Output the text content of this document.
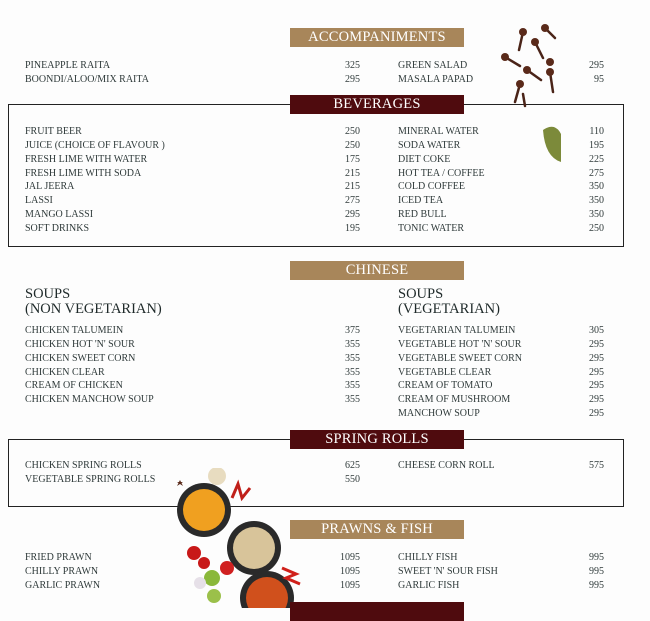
ACCOMPANIMENTS
BEVERAGES
CHINESE
SPRING ROLLS
PRAWNS & FISH
SOUPS
(NON VEGETARIAN)
SOUPS
(VEGETARIAN)
PINEAPPLE RAITA	325
BOONDI/ALOO/MIX RAITA	295
GREEN SALAD	295
MASALA PAPAD	95
FRUIT BEER	250
JUICE (CHOICE OF FLAVOUR )	250
FRESH LIME WITH WATER	175
FRESH LIME WITH SODA	215
JAL JEERA	215
LASSI	275
MANGO LASSI	295
SOFT DRINKS	195
MINERAL WATER	110
SODA WATER	195
DIET COKE	225
HOT TEA / COFFEE	275
COLD COFFEE	350
ICED TEA	350
RED BULL	350
TONIC WATER	250
CHICKEN TALUMEIN	375
CHICKEN HOT 'N' SOUR	355
CHICKEN SWEET CORN	355
CHICKEN CLEAR	355
CREAM OF CHICKEN	355
CHICKEN MANCHOW SOUP	355
VEGETARIAN TALUMEIN	305
VEGETABLE HOT 'N' SOUR	295
VEGETABLE SWEET CORN	295
VEGETABLE CLEAR	295
CREAM OF TOMATO	295
CREAM OF MUSHROOM	295
MANCHOW SOUP	295
CHICKEN SPRING ROLLS	625
VEGETABLE SPRING ROLLS	550
CHEESE CORN ROLL	575
FRIED PRAWN	1095
CHILLY PRAWN	1095
GARLIC PRAWN	1095
CHILLY FISH	995
SWEET 'N' SOUR FISH	995
GARLIC FISH	995
